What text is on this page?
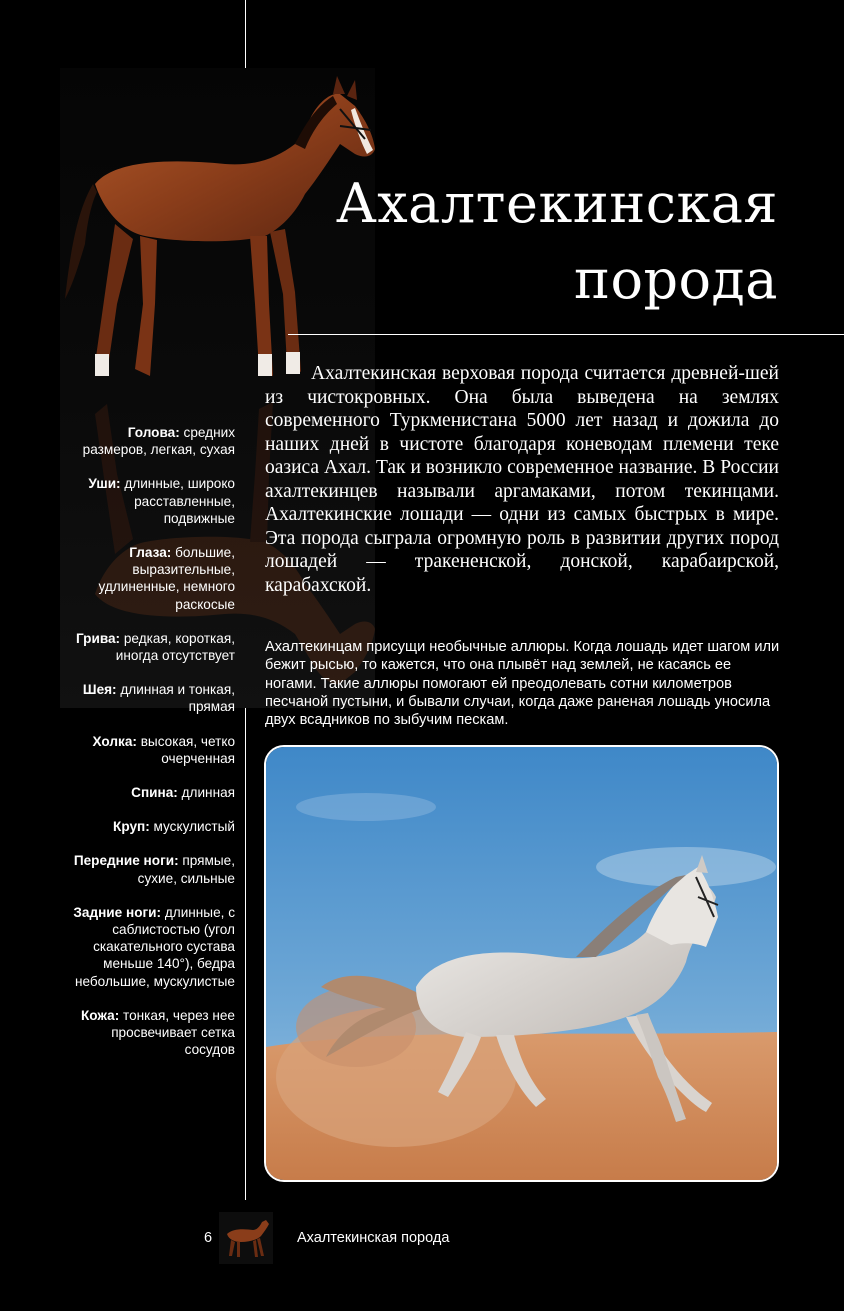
Ахалтекинская
порода
Ахалтекинская верховая порода считается древней-шей из чистокровных. Она была выведена на землях современного Туркменистана 5000 лет назад и дожила до наших дней в чистоте благодаря коневодам племени теке оазиса Ахал. Так и возникло современное название. В России ахалтекинцев называли аргамаками, потом текинцами. Ахалтекинские лошади — одни из самых быстрых в мире. Эта порода сыграла огромную роль в развитии других пород лошадей — тракененской, донской, карабаирской, карабахской.
Ахалтекинцам присущи необычные аллюры. Когда лошадь идет шагом или бежит рысью, то кажется, что она плывёт над землей, не касаясь ее ногами. Такие аллюры помогают ей преодолевать сотни километров песчаной пустыни, и бывали случаи, когда даже раненая лошадь уносила двух всадников по зыбучим пескам.
Голова: средних размеров, легкая, сухая
Уши: длинные, широко расставленные, подвижные
Глаза: большие, выразительные, удлиненные, немного раскосые
Грива: редкая, короткая, иногда отсутствует
Шея: длинная и тонкая, прямая
Холка: высокая, четко очерченная
Спина: длинная
Круп: мускулистый
Передние ноги: прямые, сухие, сильные
Задние ноги: длинные, с саблистостью (угол скакательного сустава меньше 140°), бедра небольшие, мускулистые
Кожа: тонкая, через нее просвечивает сетка сосудов
6	Ахалтекинская порода
